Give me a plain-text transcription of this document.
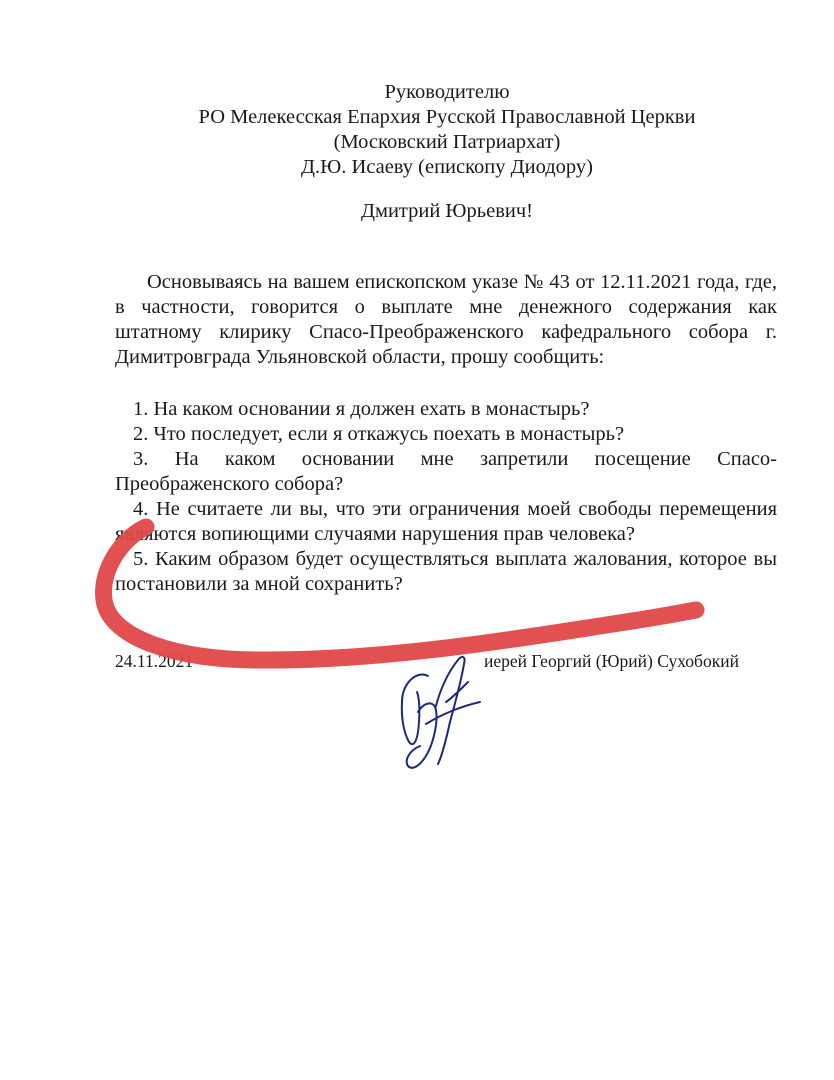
Руководителю
РО Мелекесская Епархия Русской Православной Церкви
(Московский Патриархат)
Д.Ю. Исаеву (епископу Диодору)
Дмитрий Юрьевич!

Основываясь на вашем епископском указе № 43 от 12.11.2021 года, где, в частности, говорится о выплате мне денежного содержания как штатному клирику Спасо-Преображенского кафедрального собора г. Димитровграда Ульяновской области, прошу сообщить:

1. На каком основании я должен ехать в монастырь?

2. Что последует, если я откажусь поехать в монастырь?

3. На каком основании мне запретили посещение Спасо-Преображенского собора?

4. Не считаете ли вы, что эти ограничения моей свободы перемещения являются вопиющими случаями нарушения прав человека?

5. Каким образом будет осуществляться выплата жалования, которое вы постановили за мной сохранить?

24.11.2021	иерей Георгий (Юрий) Сухобокий
